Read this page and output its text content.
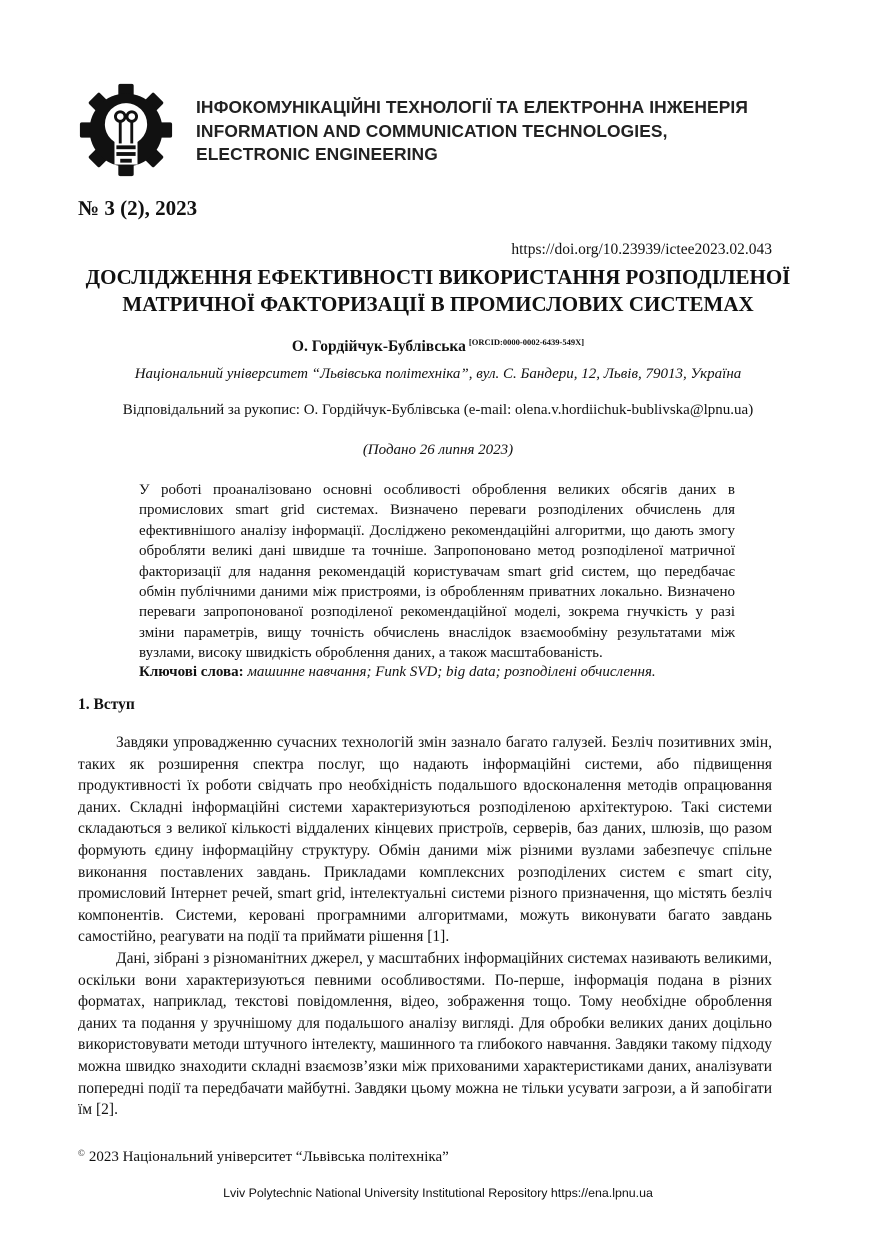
ІНФОКОМУНІКАЦІЙНІ ТЕХНОЛОГІЇ ТА ЕЛЕКТРОННА ІНЖЕНЕРІЯ
INFORMATION AND COMMUNICATION TECHNOLOGIES,
ELECTRONIC ENGINEERING
№ 3 (2), 2023
https://doi.org/10.23939/ictee2023.02.043
ДОСЛІДЖЕННЯ ЕФЕКТИВНОСТІ ВИКОРИСТАННЯ РОЗПОДІЛЕНОЇ
МАТРИЧНОЇ ФАКТОРИЗАЦІЇ В ПРОМИСЛОВИХ СИСТЕМАХ
О. Гордійчук-Бублівська [ORCID:0000-0002-6439-549X]
Національний університет “Львівська політехніка”, вул. С. Бандери, 12, Львів, 79013, Україна
Відповідальний за рукопис: О. Гордійчук-Бублівська (e-mail: olena.v.hordiichuk-bublivska@lpnu.ua)
(Подано 26 липня 2023)
У роботі проаналізовано основні особливості оброблення великих обсягів даних в промислових smart grid системах. Визначено переваги розподілених обчислень для ефективнішого аналізу інформації. Досліджено рекомендаційні алгоритми, що дають змогу обробляти великі дані швидше та точніше. Запропоновано метод розподіленої матричної факторизації для надання рекомендацій користувачам smart grid систем, що передбачає обмін публічними даними між пристроями, із обробленням приватних локально. Визначено переваги запропонованої розподіленої рекомендаційної моделі, зокрема гнучкість у разі зміни параметрів, вищу точність обчислень внаслідок взаємообміну результатами між вузлами, високу швидкість оброблення даних, а також масштабованість.
Ключові слова: машинне навчання; Funk SVD; big data; розподілені обчислення.
1. Вступ

Завдяки упровадженню сучасних технологій змін зазнало багато галузей. Безліч позитивних змін, таких як розширення спектра послуг, що надають інформаційні системи, або підвищення продуктивності їх роботи свідчать про необхідність подальшого вдосконалення методів опрацювання даних. Складні інформаційні системи характеризуються розподіленою архітектурою. Такі системи складаються з великої кількості віддалених кінцевих пристроїв, серверів, баз даних, шлюзів, що разом формують єдину інформаційну структуру. Обмін даними між різними вузлами забезпечує спільне виконання поставлених завдань. Прикладами комплексних розподілених систем є smart city, промисловий Інтернет речей, smart grid, інтелектуальні системи різного призначення, що містять безліч компонентів. Системи, керовані програмними алгоритмами, можуть виконувати багато завдань самостійно, реагувати на події та приймати рішення [1].

Дані, зібрані з різноманітних джерел, у масштабних інформаційних системах називають великими, оскільки вони характеризуються певними особливостями. По-перше, інформація подана в різних форматах, наприклад, текстові повідомлення, відео, зображення тощо. Тому необхідне оброблення даних та подання у зручнішому для подальшого аналізу вигляді. Для обробки великих даних доцільно використовувати методи штучного інтелекту, машинного та глибокого навчання. Завдяки такому підходу можна швидко знаходити складні взаємозв’язки між прихованими характеристиками даних, аналізувати попередні події та передбачати майбутні. Завдяки цьому можна не тільки усувати загрози, а й запобігати їм [2].

© 2023 Національний університет “Львівська політехніка”
Lviv Polytechnic National University Institutional Repository https://ena.lpnu.ua
